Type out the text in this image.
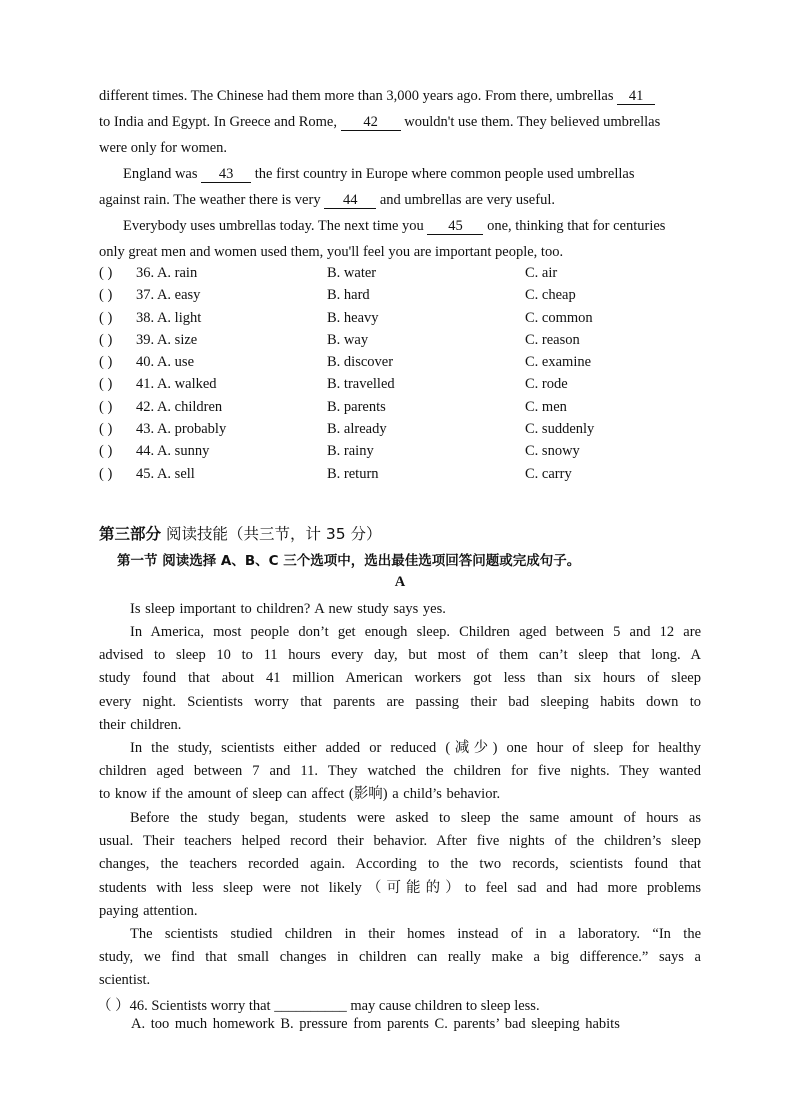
different times. The Chinese had them more than 3,000 years ago. From there, umbrellas 41
to India and Egypt. In Greece and Rome, 42 wouldn't use them. They believed umbrellas
were only for women.
England was 43 the first country in Europe where common people used umbrellas
against rain. The weather there is very 44 and umbrellas are very useful.
Everybody uses umbrellas today. The next time you 45 one, thinking that for centuries
only great men and women used them, you'll feel you are important people, too.
( ) 36. A. rain	B. water	C. air
( ) 37. A. easy	B. hard	C. cheap
( ) 38. A. light	B. heavy	C. common
( ) 39. A. size	B. way	C. reason
( ) 40. A. use	B. discover	C. examine
( ) 41. A. walked	B. travelled	C. rode
( ) 42. A. children	B. parents	C. men
( ) 43. A. probably	B. already	C. suddenly
( ) 44. A. sunny	B. rainy	C. snowy
( ) 45. A. sell	B. return	C. carry
第三部分 阅读技能（共三节，计 35 分）
第一节 阅读选择 A、B、C 三个选项中，选出最佳选项回答问题或完成句子。
A
Is sleep important to children? A new study says yes.
In America, most people don’t get enough sleep. Children aged between 5 and 12 are
advised to sleep 10 to 11 hours every day, but most of them can’t sleep that long. A
study found that about 41 million American workers got less than six hours of sleep
every night. Scientists worry that parents are passing their bad sleeping habits down to
their children.
In the study, scientists either added or reduced (减少) one hour of sleep for healthy
children aged between 7 and 11. They watched the children for five nights. They wanted
to know if the amount of sleep can affect (影响) a child’s behavior.
Before the study began, students were asked to sleep the same amount of hours as
usual. Their teachers helped record their behavior. After five nights of the children’s sleep
changes, the teachers recorded again. According to the two records, scientists found that
students with less sleep were not likely（可能的）to feel sad and had more problems
paying attention.
The scientists studied children in their homes instead of in a laboratory. “In the
study, we find that small changes in children can really make a big difference.” says a
scientist.
（ ）46. Scientists worry that __________ may cause children to sleep less.
A. too much homework B. pressure from parents C. parents’ bad sleeping habits
